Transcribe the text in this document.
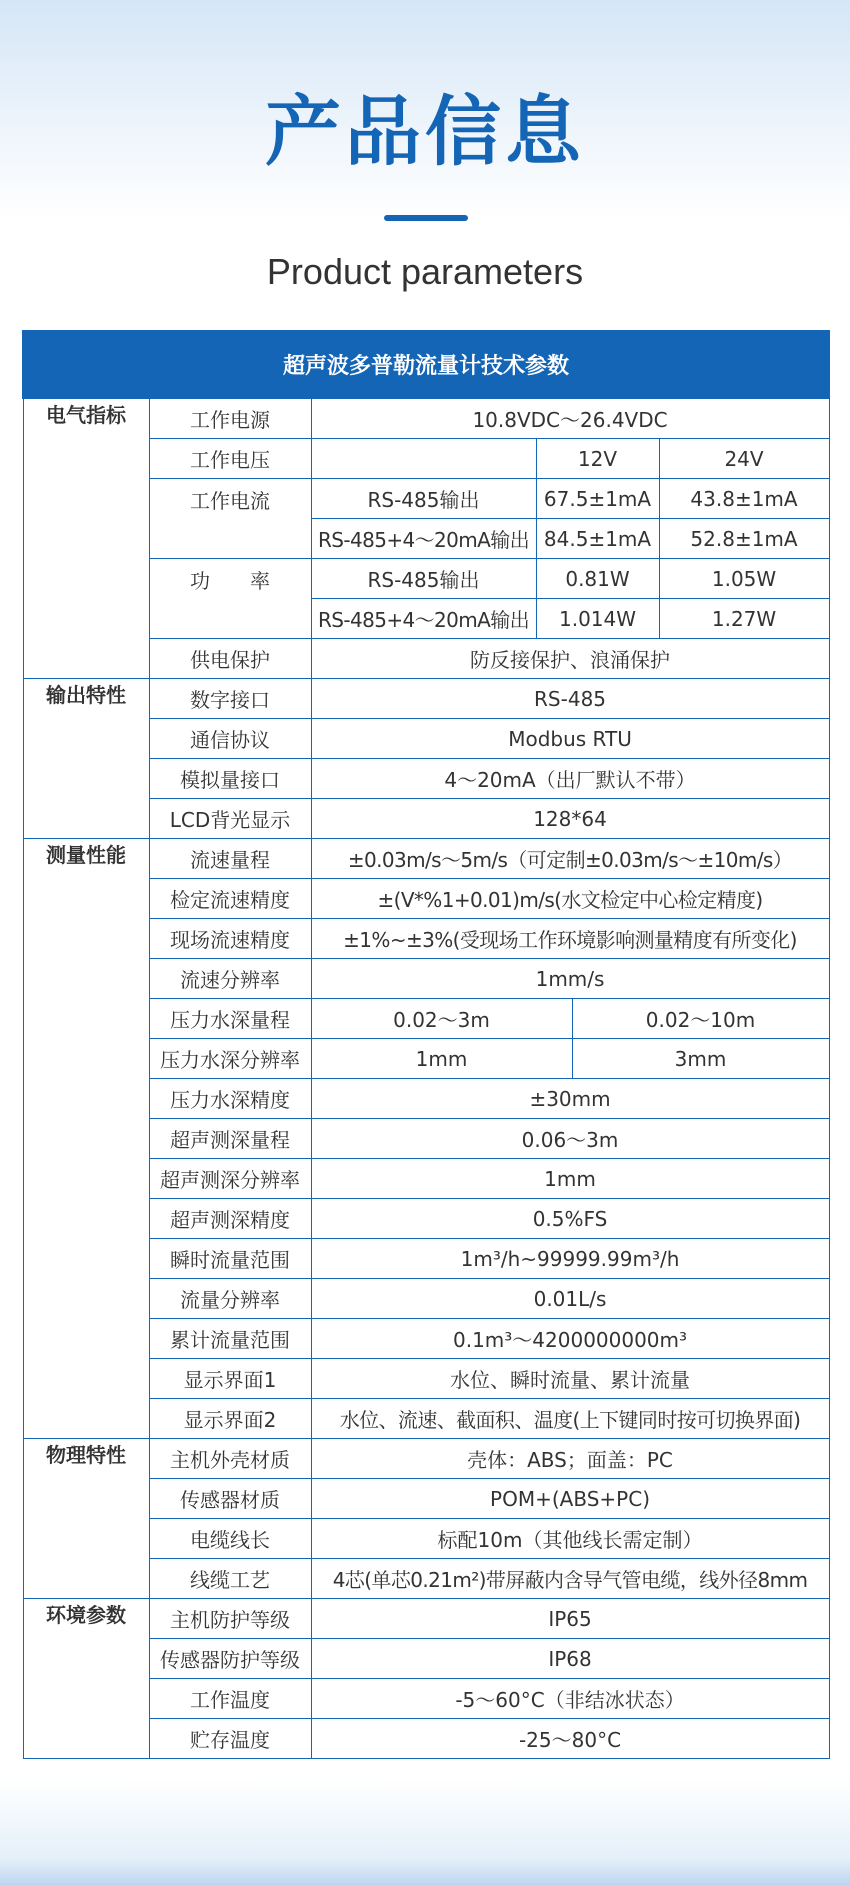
产品信息
Product parameters
超声波多普勒流量计技术参数					
电气指标	工作电源	10.8VDC～26.4VDC			
	工作电压		12V		24V
	工作电流	RS-485输出	67.5±1mA		43.8±1mA
		RS-485+4～20mA输出	84.5±1mA		52.8±1mA
	功　　率	RS-485输出	0.81W		1.05W
		RS-485+4～20mA输出	1.014W		1.27W
	供电保护	防反接保护、浪涌保护			
输出特性	数字接口	RS-485			
	通信协议	Modbus RTU			
	模拟量接口	4～20mA（出厂默认不带）			
	LCD背光显示	128*64			
测量性能	流速量程	±0.03m/s～5m/s（可定制±0.03m/s～±10m/s）			
	检定流速精度	±(V*%1+0.01)m/s(水文检定中心检定精度)			
	现场流速精度	±1%~±3%(受现场工作环境影响测量精度有所变化)			
	流速分辨率	1mm/s			
	压力水深量程	0.02～3m		0.02～10m	
	压力水深分辨率	1mm		3mm	
	压力水深精度	±30mm			
	超声测深量程	0.06～3m			
	超声测深分辨率	1mm			
	超声测深精度	0.5%FS			
	瞬时流量范围	1m³/h~99999.99m³/h			
	流量分辨率	0.01L/s			
	累计流量范围	0.1m³～4200000000m³			
	显示界面1	水位、瞬时流量、累计流量			
	显示界面2	水位、流速、截面积、温度(上下键同时按可切换界面)			
物理特性	主机外壳材质	壳体：ABS；面盖：PC			
	传感器材质	POM+(ABS+PC)			
	电缆线长	标配10m（其他线长需定制）			
	线缆工艺	4芯(单芯0.21m²)带屏蔽内含导气管电缆，线外径8mm			
环境参数	主机防护等级	IP65			
	传感器防护等级	IP68			
	工作温度	-5～60°C（非结冰状态）			
	贮存温度	-25～80°C			
